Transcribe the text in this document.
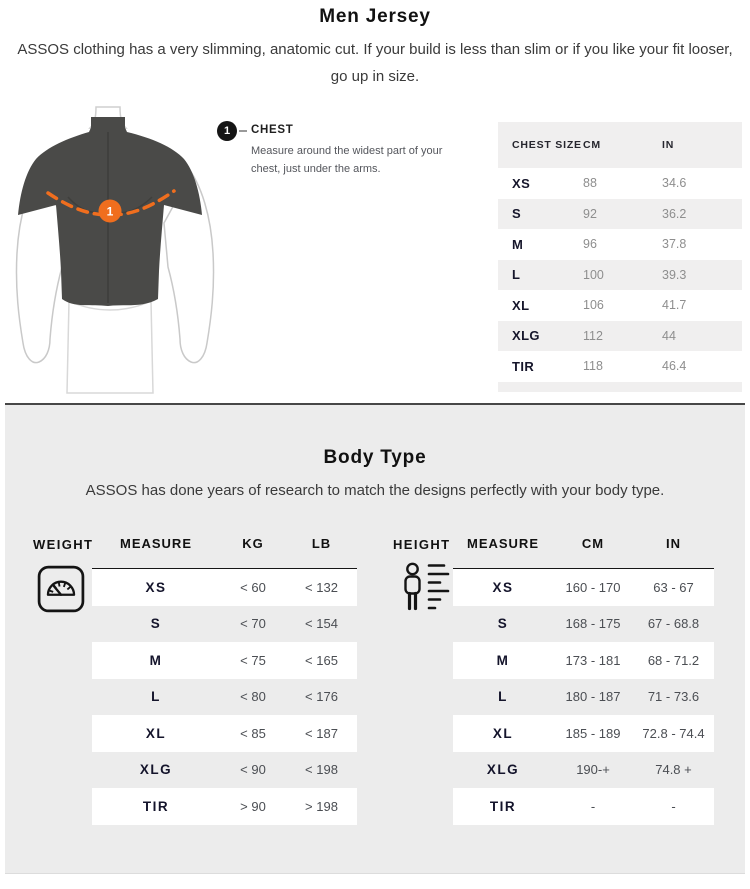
Men Jersey
ASSOS clothing has a very slimming, anatomic cut. If your build is less than slim or if you like your fit looser, go up in size.
1
1	CHEST
Measure around the widest part of your chest, just under the arms.
CHEST SIZE CM	IN
XS	88	34.6
S	92	36.2
M	96	37.8
L	100	39.3
XL	106	41.7
XLG	112	44
TIR	118	46.4
Body Type
ASSOS has done years of research to match the designs perfectly with your body type.
WEIGHT	MEASURE	KG	LB
XS	< 60	< 132
S	< 70	< 154
M	< 75	< 165
L	< 80	< 176
XL	< 85	< 187
XLG	< 90	< 198
TIR	> 90	> 198
HEIGHT	MEASURE	CM	IN
XS	160 - 170	63 - 67
S	168 - 175	67 - 68.8
M	173 - 181	68 - 71.2
L	180 - 187	71 - 73.6
XL	185 - 189	72.8 - 74.4
XLG	190-+	74.8 +
TIR	-	-
